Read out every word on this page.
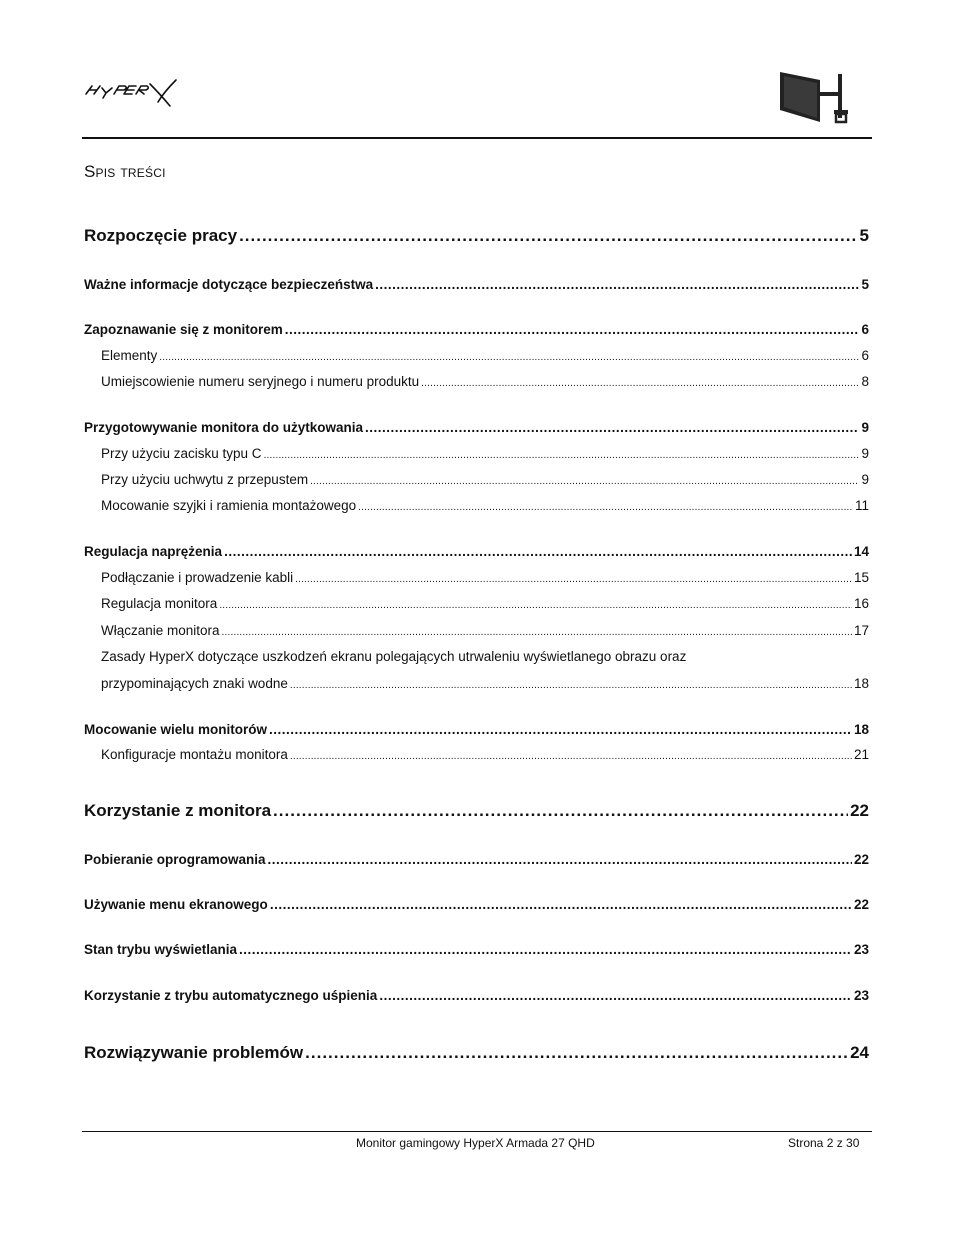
Spis treści
Rozpoczęcie pracy .....	5
Ważne informacje dotyczące bezpieczeństwa .....	5
Zapoznawanie się z monitorem .....	6
Elementy .....	6
Umiejscowienie numeru seryjnego i numeru produktu .....	8
Przygotowywanie monitora do użytkowania .....	9
Przy użyciu zacisku typu C .....	9
Przy użyciu uchwytu z przepustem .....	9
Mocowanie szyjki i ramienia montażowego .....	11
Regulacja naprężenia .....	14
Podłączanie i prowadzenie kabli .....	15
Regulacja monitora .....	16
Włączanie monitora .....	17
Zasady HyperX dotyczące uszkodzeń ekranu polegających utrwaleniu wyświetlanego obrazu oraz
przypominających znaki wodne .....	18
Mocowanie wielu monitorów .....	18
Konfiguracje montażu monitora .....	21
Korzystanie z monitora .....	22
Pobieranie oprogramowania .....	22
Używanie menu ekranowego .....	22
Stan trybu wyświetlania .....	23
Korzystanie z trybu automatycznego uśpienia .....	23
Rozwiązywanie problemów .....	24
Monitor gamingowy HyperX Armada 27 QHD	Strona 2 z 30
